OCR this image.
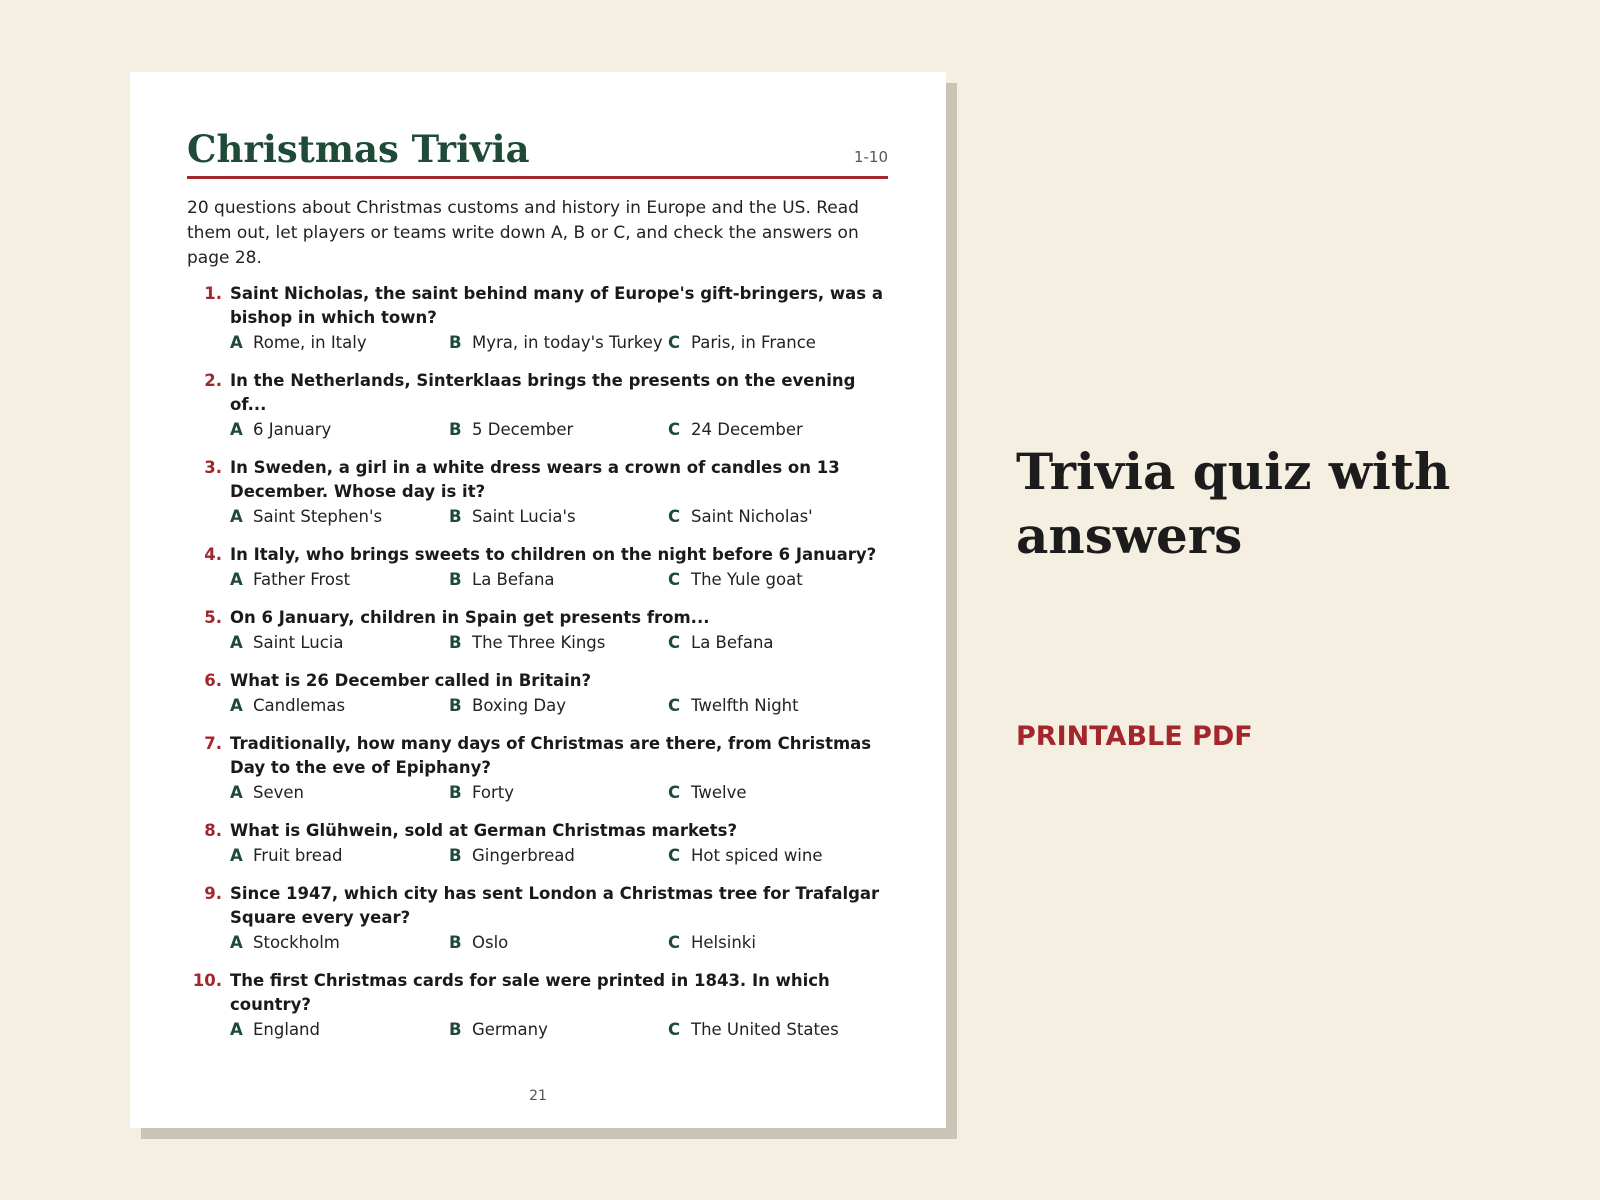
Christmas Trivia	1-10
20 questions about Christmas customs and history in Europe and the US. Read them out, let players or teams write down A, B or C, and check the answers on page 28.
1. Saint Nicholas, the saint behind many of Europe's gift-bringers, was a bishop in which town?
A Rome, in Italy	B Myra, in today's Turkey C Paris, in France
2. In the Netherlands, Sinterklaas brings the presents on the evening of...
A 6 January	B 5 December	C 24 December
3. In Sweden, a girl in a white dress wears a crown of candles on 13 December. Whose day is it?
A Saint Stephen's	B Saint Lucia's	C Saint Nicholas'
4. In Italy, who brings sweets to children on the night before 6 January?
A Father Frost	B La Befana	C The Yule goat
5. On 6 January, children in Spain get presents from...
A Saint Lucia	B The Three Kings	C La Befana
6. What is 26 December called in Britain?
A Candlemas	B Boxing Day	C Twelfth Night
7. Traditionally, how many days of Christmas are there, from Christmas Day to the eve of Epiphany?
A Seven	B Forty	C Twelve
8. What is Glühwein, sold at German Christmas markets?
A Fruit bread	B Gingerbread	C Hot spiced wine
9. Since 1947, which city has sent London a Christmas tree for Trafalgar Square every year?
A Stockholm	B Oslo	C Helsinki
10. The first Christmas cards for sale were printed in 1843. In which country?
A England	B Germany	C The United States
21
Trivia quiz with answers
PRINTABLE PDF
